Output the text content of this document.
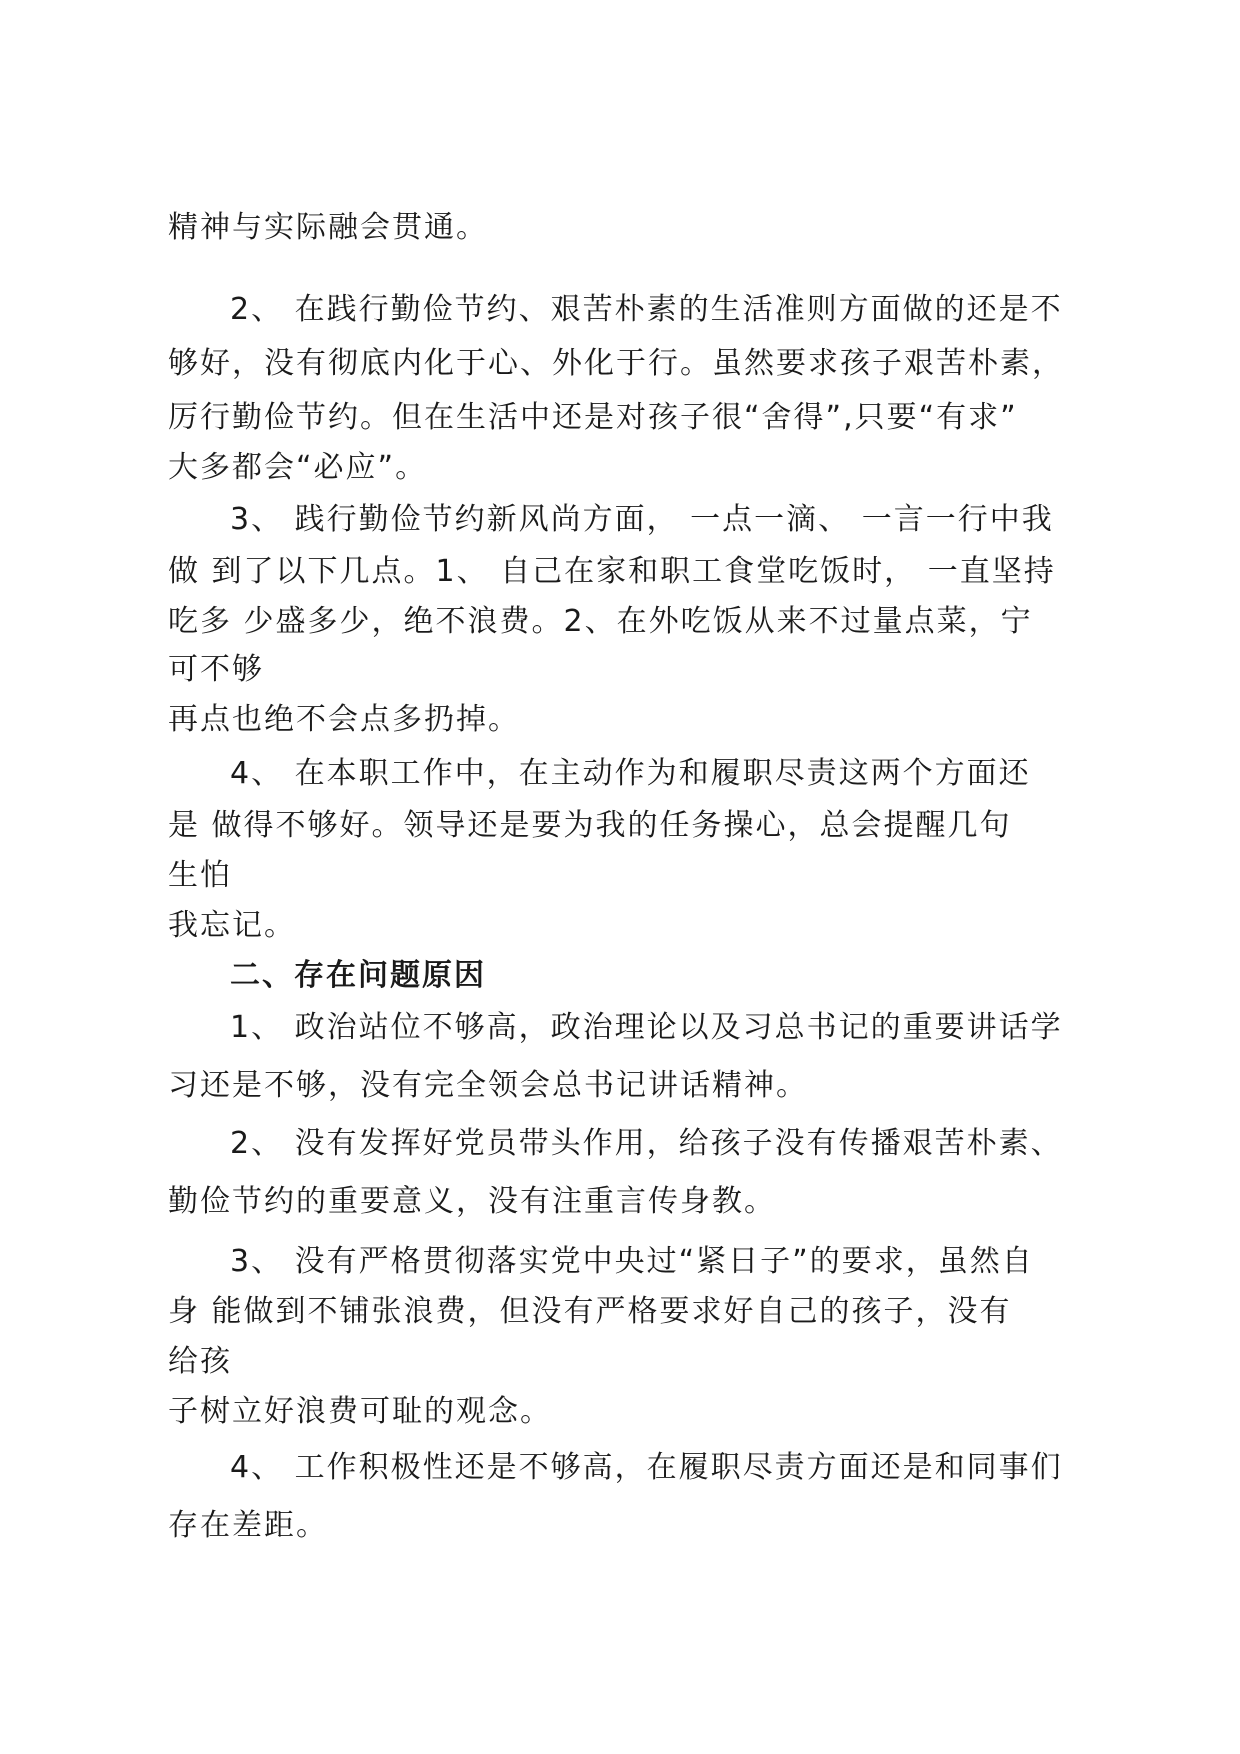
精神与实际融会贯通。
2、 在践行勤俭节约、艰苦朴素的生活准则方面做的还是不
够好，没有彻底内化于心、外化于行。虽然要求孩子艰苦朴素，
厉行勤俭节约。但在生活中还是对孩子很“舍得”,只要“有求”
大多都会“必应”。
3、 践行勤俭节约新风尚方面， 一点一滴、 一言一行中我
做 到了以下几点。1、 自己在家和职工食堂吃饭时， 一直坚持
吃多 少盛多少，绝不浪费。2、在外吃饭从来不过量点菜，宁
可不够
再点也绝不会点多扔掉。
4、 在本职工作中，在主动作为和履职尽责这两个方面还
是 做得不够好。领导还是要为我的任务操心，总会提醒几句
生怕
我忘记。
二、存在问题原因
1、 政治站位不够高，政治理论以及习总书记的重要讲话学
习还是不够，没有完全领会总书记讲话精神。
2、 没有发挥好党员带头作用，给孩子没有传播艰苦朴素、
勤俭节约的重要意义，没有注重言传身教。
3、 没有严格贯彻落实党中央过“紧日子”的要求，虽然自
身 能做到不铺张浪费，但没有严格要求好自己的孩子，没有
给孩
子树立好浪费可耻的观念。
4、 工作积极性还是不够高，在履职尽责方面还是和同事们
存在差距。
